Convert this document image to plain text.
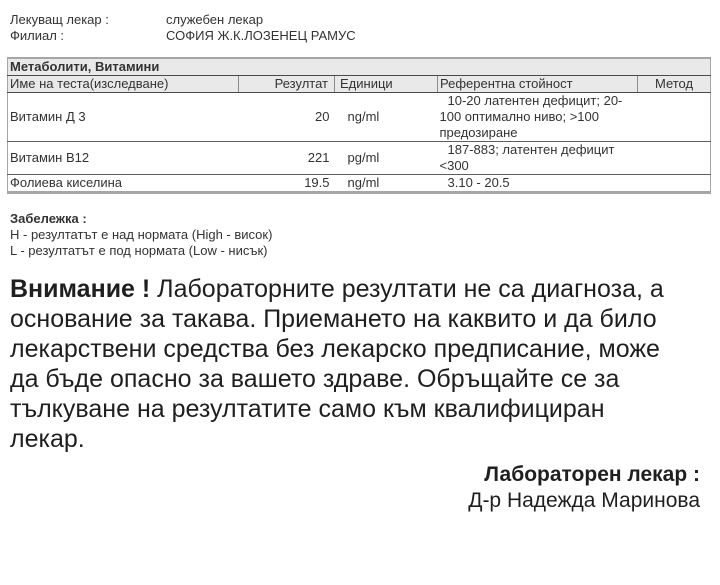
Лекуващ лекар :	служебен лекар
Филиал :	СОФИЯ Ж.К.ЛОЗЕНЕЦ РАМУС
Метаболити, Витамини				
Име на теста(изследване)	Резултат	Единици	Референтна стойност	Метод
Витамин Д 3	20	ng/ml	10-20 латентен дефицит; 20-100 оптимално ниво; >100 предозиране	
Витамин B12	221	pg/ml	187-883; латентен дефицит <300	
Фолиева киселина	19.5	ng/ml	3.10 - 20.5	
Забележка :
H - резултатът е над нормата (High - висок)
L - резултатът е под нормата (Low - нисък)
Внимание ! Лабораторните резултати не са диагноза, а основание за такава. Приемането на каквито и да било лекарствени средства без лекарско предписание, може да бъде опасно за вашето здраве. Обръщайте се за тълкуване на резултатите само към квалифициран лекар.
Лабораторен лекар :
Д-р Надежда Маринова
